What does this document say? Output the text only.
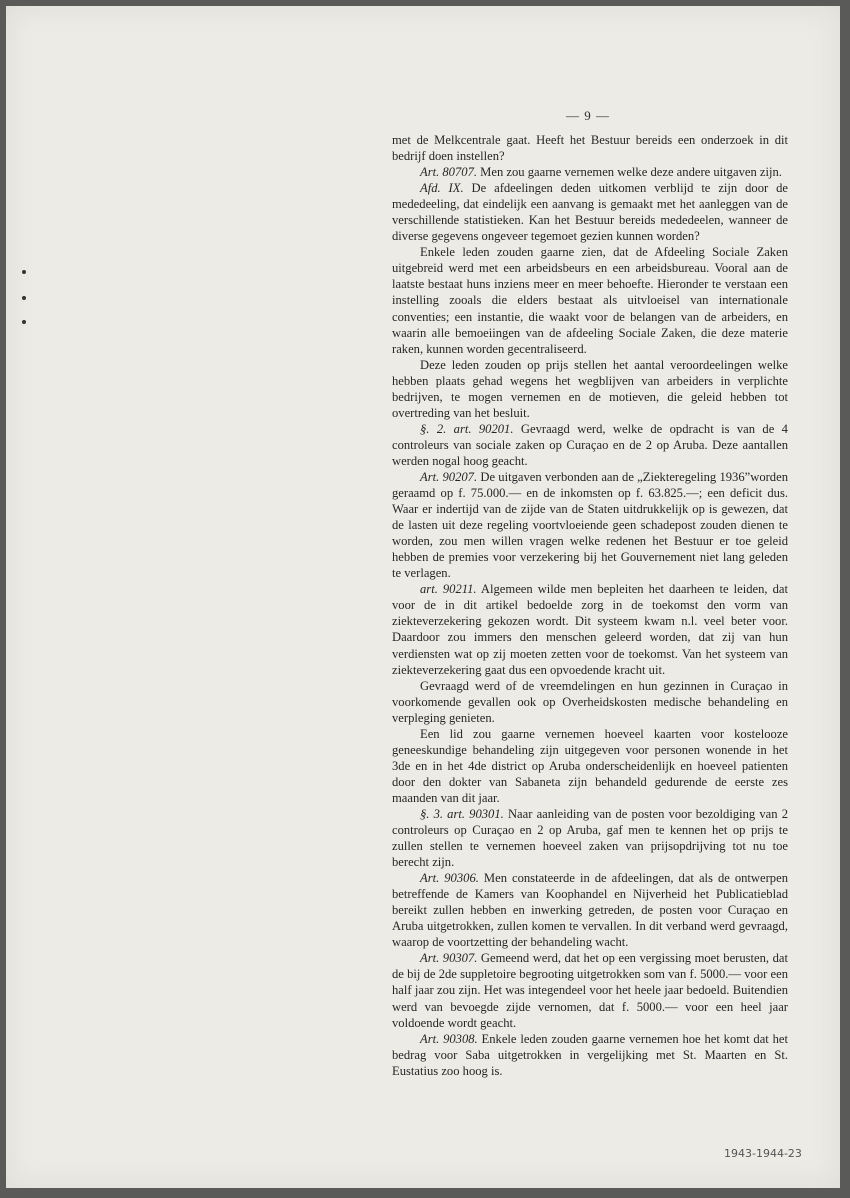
— 9 —

met de Melkcentrale gaat. Heeft het Bestuur bereids een onderzoek in dit bedrijf doen instellen?

Art. 80707. Men zou gaarne vernemen welke deze andere uitgaven zijn.

Afd. IX. De afdeelingen deden uitkomen verblijd te zijn door de mededeeling, dat eindelijk een aanvang is gemaakt met het aanleggen van de verschillende statistieken. Kan het Bestuur bereids mededeelen, wanneer de diverse gegevens ongeveer tegemoet gezien kunnen worden?

Enkele leden zouden gaarne zien, dat de Afdeeling Sociale Zaken uitgebreid werd met een arbeidsbeurs en een arbeidsbureau. Vooral aan de laatste bestaat huns inziens meer en meer behoefte. Hieronder te verstaan een instelling zooals die elders bestaat als uitvloeisel van internationale conventies; een instantie, die waakt voor de belangen van de arbeiders, en waarin alle bemoeiingen van de afdeeling Sociale Zaken, die deze materie raken, kunnen worden gecentraliseerd.

Deze leden zouden op prijs stellen het aantal veroordeelingen welke hebben plaats gehad wegens het wegblijven van arbeiders in verplichte bedrijven, te mogen vernemen en de motieven, die geleid hebben tot overtreding van het besluit.

§. 2. art. 90201. Gevraagd werd, welke de opdracht is van de 4 controleurs van sociale zaken op Curaçao en de 2 op Aruba. Deze aantallen werden nogal hoog geacht.

Art. 90207. De uitgaven verbonden aan de „Ziekteregeling 1936”worden geraamd op f. 75.000.— en de inkomsten op f. 63.825.—; een deficit dus. Waar er indertijd van de zijde van de Staten uitdrukkelijk op is gewezen, dat de lasten uit deze regeling voortvloeiende geen schadepost zouden dienen te worden, zou men willen vragen welke redenen het Bestuur er toe geleid hebben de premies voor verzekering bij het Gouvernement niet lang geleden te verlagen.

art. 90211. Algemeen wilde men bepleiten het daarheen te leiden, dat voor de in dit artikel bedoelde zorg in de toekomst den vorm van ziekteverzekering gekozen wordt. Dit systeem kwam n.l. veel beter voor. Daardoor zou immers den menschen geleerd worden, dat zij van hun verdiensten wat op zij moeten zetten voor de toekomst. Van het systeem van ziekteverzekering gaat dus een opvoedende kracht uit.

Gevraagd werd of de vreemdelingen en hun gezinnen in Curaçao in voorkomende gevallen ook op Overheidskosten medische behandeling en verpleging genieten.

Een lid zou gaarne vernemen hoeveel kaarten voor kostelooze geneeskundige behandeling zijn uitgegeven voor personen wonende in het 3de en in het 4de district op Aruba onderscheidenlijk en hoeveel patienten door den dokter van Sabaneta zijn behandeld gedurende de eerste zes maanden van dit jaar.

§. 3. art. 90301. Naar aanleiding van de posten voor bezoldiging van 2 controleurs op Curaçao en 2 op Aruba, gaf men te kennen het op prijs te zullen stellen te vernemen hoeveel zaken van prijsopdrijving tot nu toe berecht zijn.

Art. 90306. Men constateerde in de afdeelingen, dat als de ontwerpen betreffende de Kamers van Koophandel en Nijverheid het Publicatieblad bereikt zullen hebben en inwerking getreden, de posten voor Curaçao en Aruba uitgetrokken, zullen komen te vervallen. In dit verband werd gevraagd, waarop de voortzetting der behandeling wacht.

Art. 90307. Gemeend werd, dat het op een vergissing moet berusten, dat de bij de 2de suppletoire begrooting uitgetrokken som van f. 5000.— voor een half jaar zou zijn. Het was integendeel voor het heele jaar bedoeld. Buitendien werd van bevoegde zijde vernomen, dat f. 5000.— voor een heel jaar voldoende wordt geacht.

Art. 90308. Enkele leden zouden gaarne vernemen hoe het komt dat het bedrag voor Saba uitgetrokken in vergelijking met St. Maarten en St. Eustatius zoo hoog is.

1943-1944-23
